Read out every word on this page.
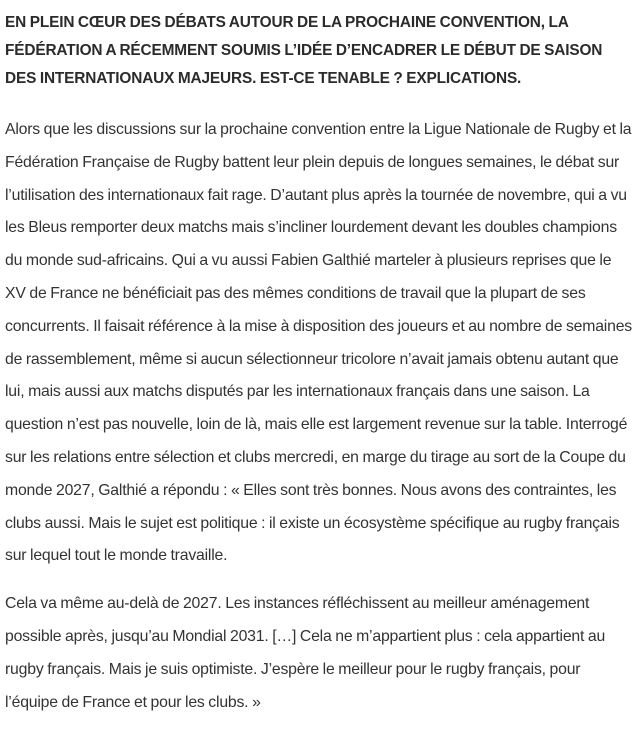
EN PLEIN CŒUR DES DÉBATS AUTOUR DE LA PROCHAINE CONVENTION, LA FÉDÉRATION A RÉCEMMENT SOUMIS L’IDÉE D’ENCADRER LE DÉBUT DE SAISON DES INTERNATIONAUX MAJEURS. EST-CE TENABLE ? EXPLICATIONS.

Alors que les discussions sur la prochaine convention entre la Ligue Nationale de Rugby et la Fédération Française de Rugby battent leur plein depuis de longues semaines, le débat sur l’utilisation des internationaux fait rage. D’autant plus après la tournée de novembre, qui a vu les Bleus remporter deux matchs mais s’incliner lourdement devant les doubles champions du monde sud-africains. Qui a vu aussi Fabien Galthié marteler à plusieurs reprises que le XV de France ne bénéficiait pas des mêmes conditions de travail que la plupart de ses concurrents. Il faisait référence à la mise à disposition des joueurs et au nombre de semaines de rassemblement, même si aucun sélectionneur tricolore n’avait jamais obtenu autant que lui, mais aussi aux matchs disputés par les internationaux français dans une saison. La question n’est pas nouvelle, loin de là, mais elle est largement revenue sur la table. Interrogé sur les relations entre sélection et clubs mercredi, en marge du tirage au sort de la Coupe du monde 2027, Galthié a répondu : « Elles sont très bonnes. Nous avons des contraintes, les clubs aussi. Mais le sujet est politique : il existe un écosystème spécifique au rugby français sur lequel tout le monde travaille.

Cela va même au-delà de 2027. Les instances réfléchissent au meilleur aménagement possible après, jusqu’au Mondial 2031. […] Cela ne m’appartient plus : cela appartient au rugby français. Mais je suis optimiste. J’espère le meilleur pour le rugby français, pour l’équipe de France et pour les clubs. »
